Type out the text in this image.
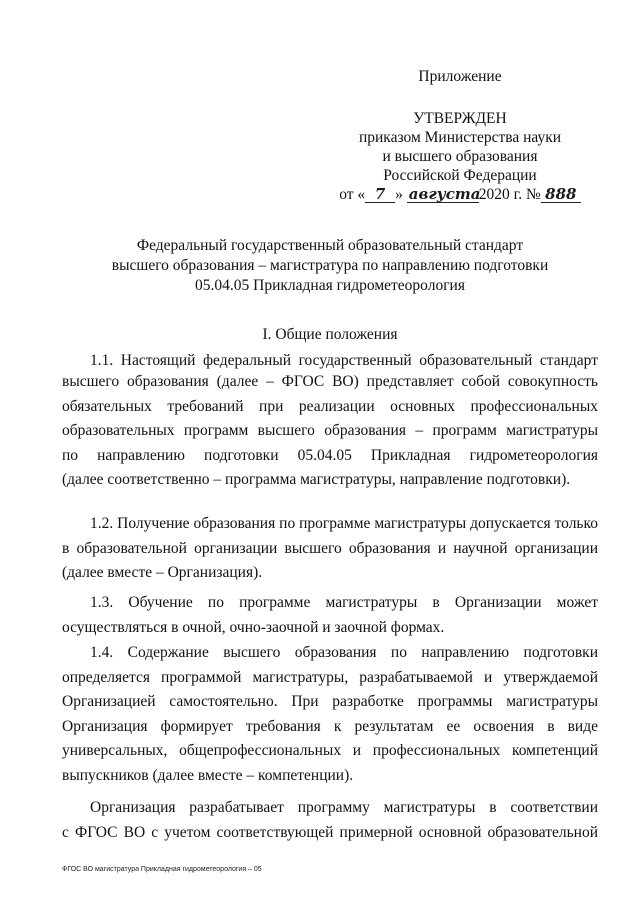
Приложение
УТВЕРЖДЕН
приказом Министерства науки
и высшего образования
Российской Федерации
от « 7 » августа2020 г. № 888
Федеральный государственный образовательный стандарт
высшего образования – магистратура по направлению подготовки
05.04.05 Прикладная гидрометеорология
I. Общие положения
1.1. Настоящий федеральный государственный образовательный стандарт
высшего образования (далее – ФГОС ВО) представляет собой совокупность
обязательных требований при реализации основных профессиональных
образовательных программ высшего образования – программ магистратуры
по направлению подготовки 05.04.05 Прикладная гидрометеорология
(далее соответственно – программа магистратуры, направление подготовки).
1.2. Получение образования по программе магистратуры допускается только
в образовательной организации высшего образования и научной организации
(далее вместе – Организация).
1.3. Обучение по программе магистратуры в Организации может
осуществляться в очной, очно-заочной и заочной формах.
1.4. Содержание высшего образования по направлению подготовки
определяется программой магистратуры, разрабатываемой и утверждаемой
Организацией самостоятельно. При разработке программы магистратуры
Организация формирует требования к результатам ее освоения в виде
универсальных, общепрофессиональных и профессиональных компетенций
выпускников (далее вместе – компетенции).
Организация разрабатывает программу магистратуры в соответствии
с ФГОС ВО с учетом соответствующей примерной основной образовательной
ФГОС ВО магистратура Прикладная гидрометеорология – 05
